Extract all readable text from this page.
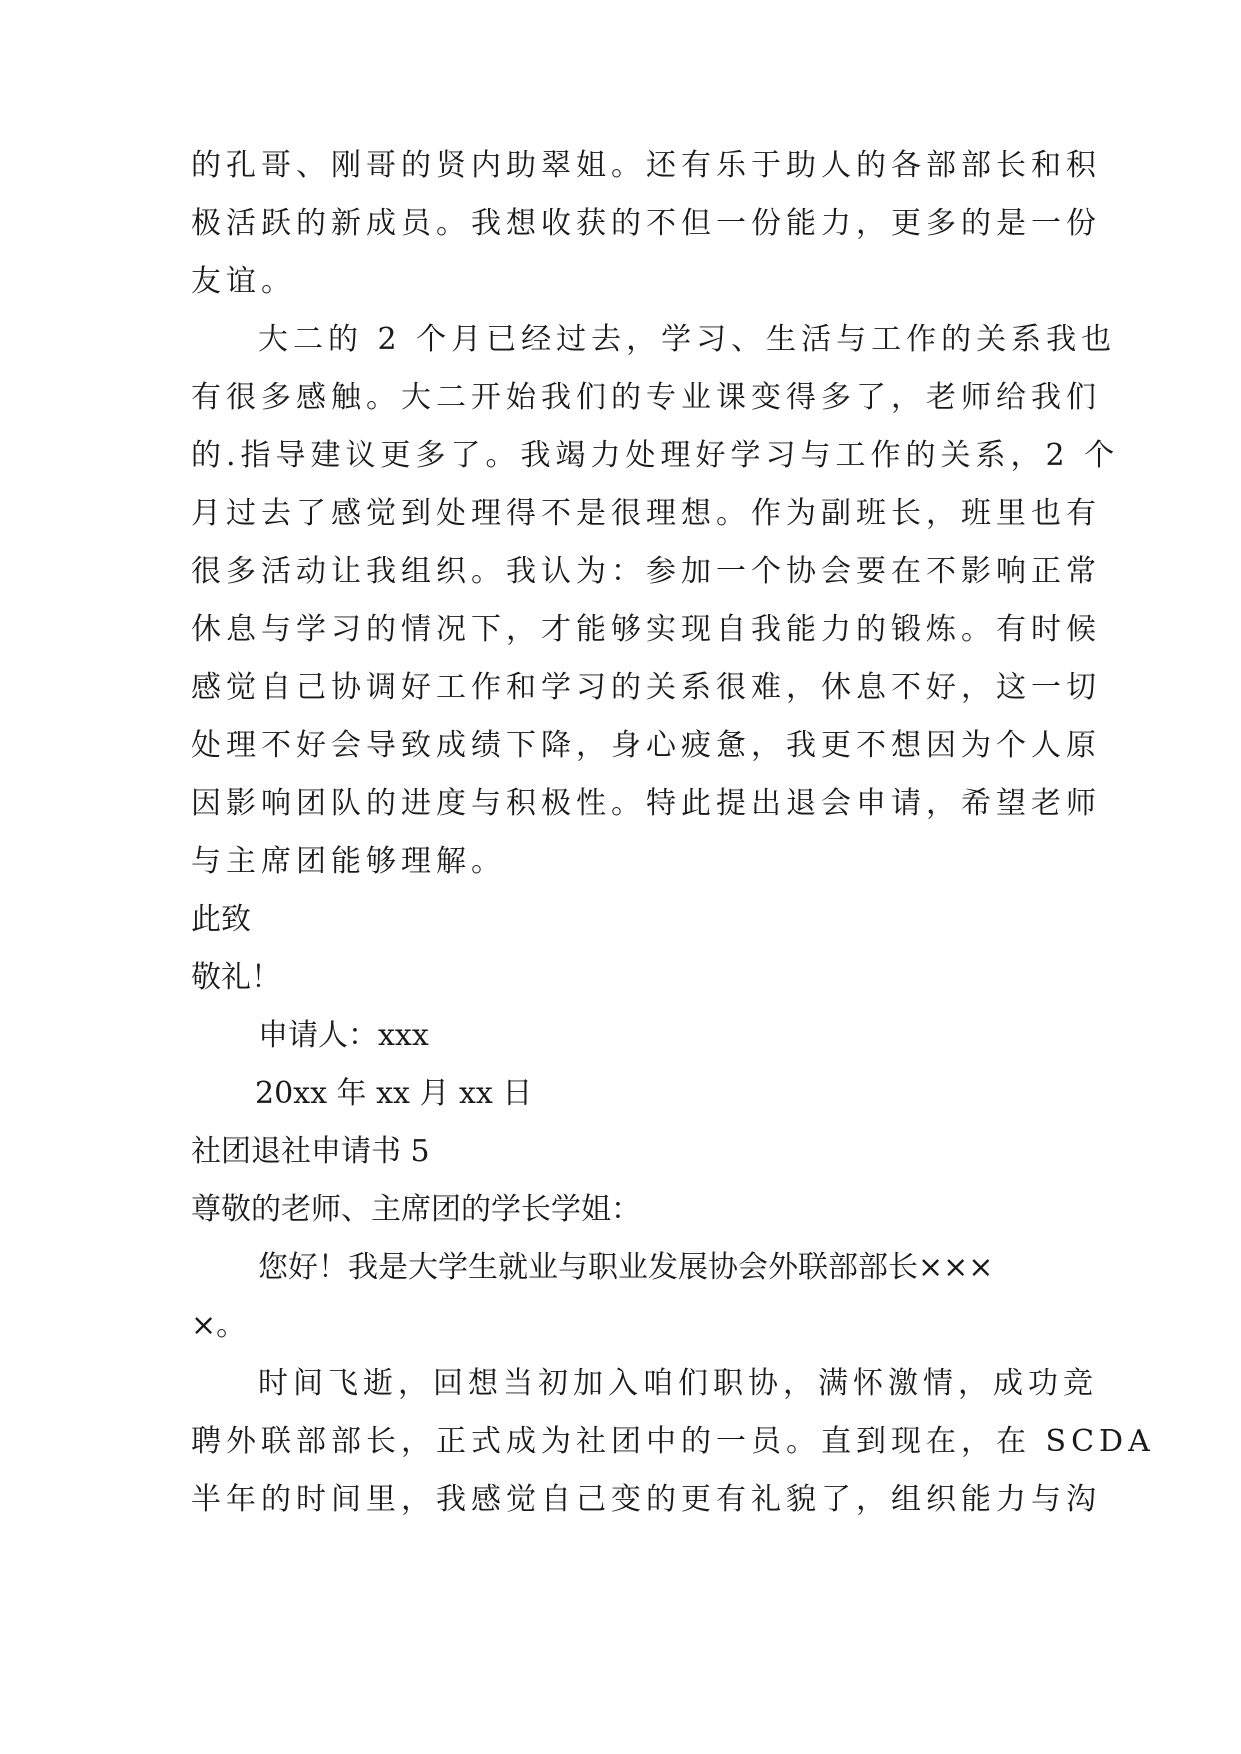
的孔哥、刚哥的贤内助翠姐。还有乐于助人的各部部长和积
极活跃的新成员。我想收获的不但一份能力，更多的是一份
友谊。
大二的 2 个月已经过去，学习、生活与工作的关系我也
有很多感触。大二开始我们的专业课变得多了，老师给我们
的.指导建议更多了。我竭力处理好学习与工作的关系，2 个
月过去了感觉到处理得不是很理想。作为副班长，班里也有
很多活动让我组织。我认为：参加一个协会要在不影响正常
休息与学习的情况下，才能够实现自我能力的锻炼。有时候
感觉自己协调好工作和学习的关系很难，休息不好，这一切
处理不好会导致成绩下降，身心疲惫，我更不想因为个人原
因影响团队的进度与积极性。特此提出退会申请，希望老师
与主席团能够理解。
此致
敬礼！
申请人：xxx
20xx 年 xx 月 xx 日
社团退社申请书 5
尊敬的老师、主席团的学长学姐：
您好！我是大学生就业与职业发展协会外联部部长×××
×。
时间飞逝，回想当初加入咱们职协，满怀激情，成功竞
聘外联部部长，正式成为社团中的一员。直到现在，在 SCDA
半年的时间里，我感觉自己变的更有礼貌了，组织能力与沟
